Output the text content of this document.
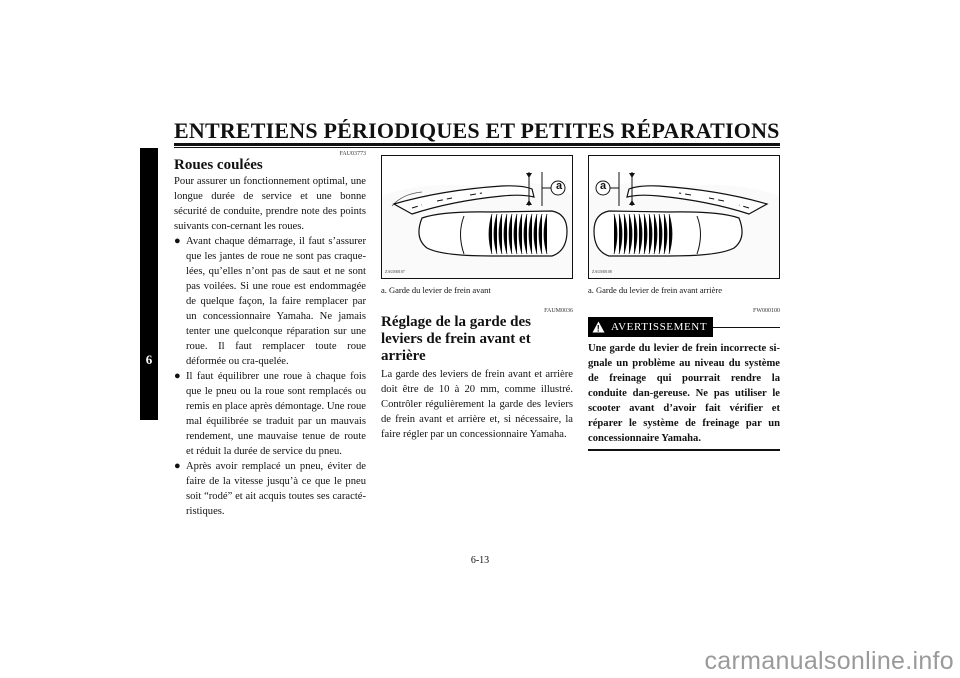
ENTRETIENS PÉRIODIQUES ET PETITES RÉPARATIONS
6
FAU03773
Roues coulées

Pour assurer un fonctionnement optimal, une longue durée de service et une bonne sécurité de conduite, prendre note des points suivants con-cernant les roues.

● Avant chaque démarrage, il faut s’assurer que les jantes de roue ne sont pas craque-lées, qu’elles n’ont pas de saut et ne sont pas voilées. Si une roue est endommagée de quelque façon, la faire remplacer par un concessionnaire Yamaha. Ne jamais tenter une quelconque réparation sur une roue. Il faut remplacer toute roue déformée ou cra-quelée.
● Il faut équilibrer une roue à chaque fois que le pneu ou la roue sont remplacés ou remis en place après démontage. Une roue mal équilibrée se traduit par un mauvais rendement, une mauvaise tenue de route et réduit la durée de service du pneu.
● Après avoir remplacé un pneu, éviter de faire de la vitesse jusqu’à ce que le pneu soit “rodé” et ait acquis toutes ses caracté-ristiques.
a
ZAUM0107
a. Garde du levier de frein avant
FAUM0036
Réglage de la garde des leviers de frein avant et arrière

La garde des leviers de frein avant et arrière doit être de 10 à 20 mm, comme illustré. Contrôler régulièrement la garde des leviers de frein avant et arrière et, si nécessaire, la faire régler par un concessionnaire Yamaha.

a
ZAUM0108
a. Garde du levier de frein avant arrière
FW000100
! AVERTISSEMENT

Une garde du levier de frein incorrecte si-gnale un problème au niveau du système de freinage qui pourrait rendre la conduite dan-gereuse. Ne pas utiliser le scooter avant d’avoir fait vérifier et réparer le système de freinage par un concessionnaire Yamaha.

6-13
carmanualsonline.info
